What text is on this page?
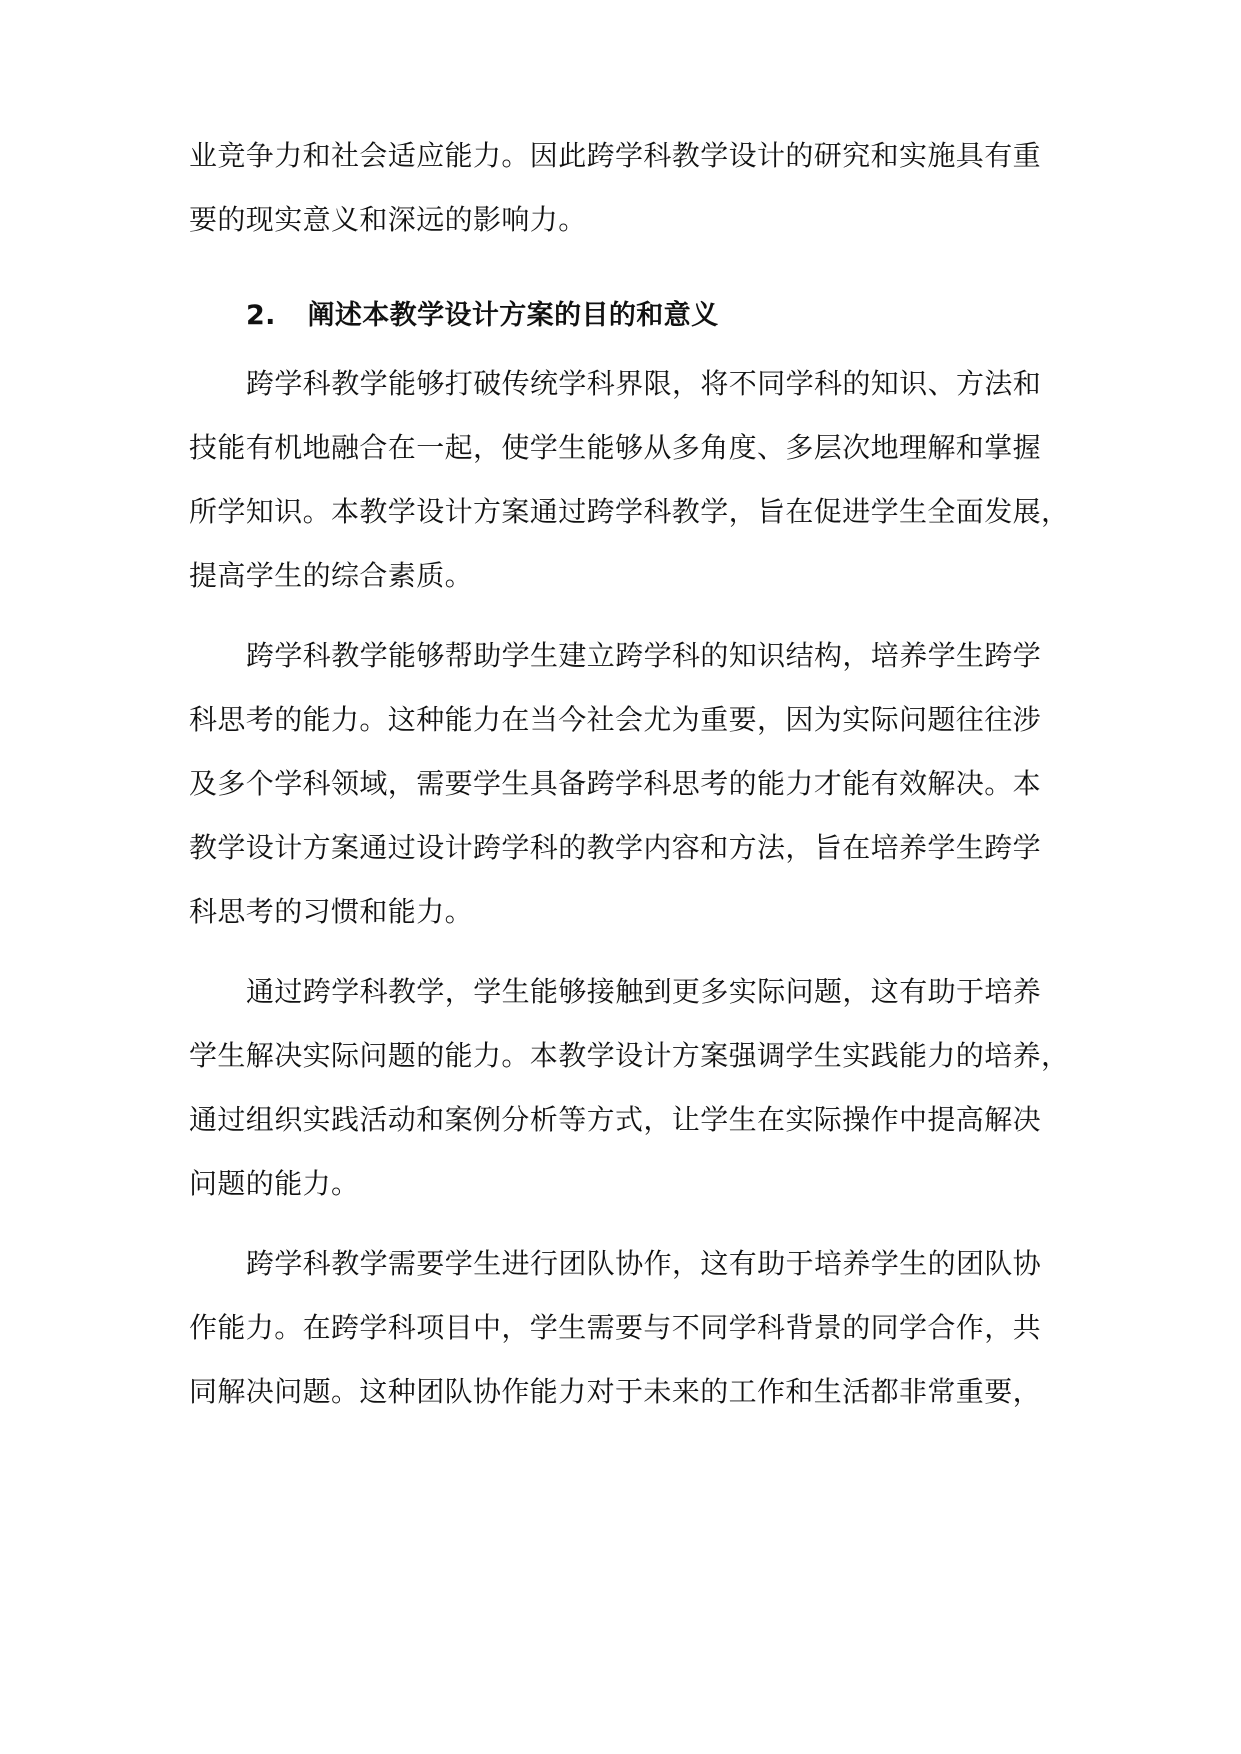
业竞争力和社会适应能力。因此跨学科教学设计的研究和实施具有重

要的现实意义和深远的影响力。

2. 阐述本教学设计方案的目的和意义

跨学科教学能够打破传统学科界限，将不同学科的知识、方法和

技能有机地融合在一起，使学生能够从多角度、多层次地理解和掌握

所学知识。本教学设计方案通过跨学科教学，旨在促进学生全面发展，

提高学生的综合素质。

跨学科教学能够帮助学生建立跨学科的知识结构，培养学生跨学

科思考的能力。这种能力在当今社会尤为重要，因为实际问题往往涉

及多个学科领域，需要学生具备跨学科思考的能力才能有效解决。本

教学设计方案通过设计跨学科的教学内容和方法，旨在培养学生跨学

科思考的习惯和能力。

通过跨学科教学，学生能够接触到更多实际问题，这有助于培养

学生解决实际问题的能力。本教学设计方案强调学生实践能力的培养，

通过组织实践活动和案例分析等方式，让学生在实际操作中提高解决

问题的能力。

跨学科教学需要学生进行团队协作，这有助于培养学生的团队协

作能力。在跨学科项目中，学生需要与不同学科背景的同学合作，共

同解决问题。这种团队协作能力对于未来的工作和生活都非常重要，
